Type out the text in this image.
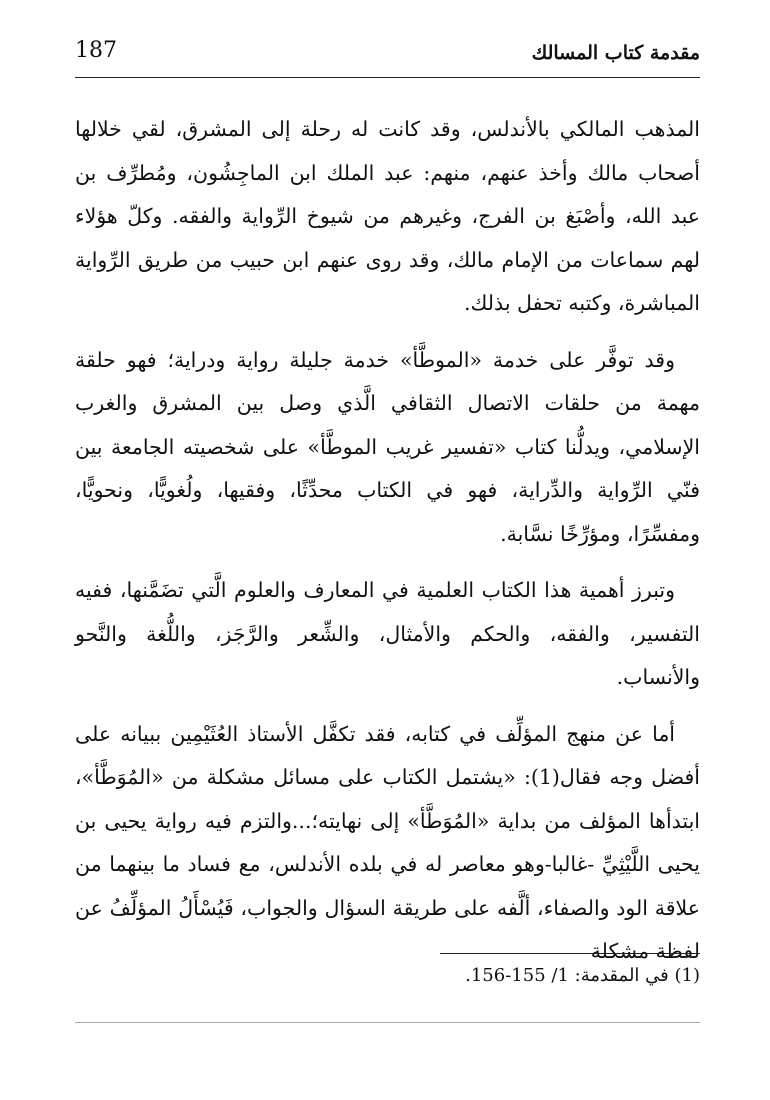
مقدمة كتاب المسالك
187

المذهب المالكي بالأندلس، وقد كانت له رحلة إلى المشرق، لقي خلالها أصحاب مالك وأخذ عنهم، منهم: عبد الملك ابن الماجِشُون، ومُطرِّف بن عبد الله، وأصْبَغ بن الفرج، وغيرهم من شيوخ الرِّواية والفقه. وكلّ هؤلاء لهم سماعات من الإمام مالك، وقد روى عنهم ابن حبيب من طريق الرِّواية المباشرة، وكتبه تحفل بذلك.

وقد توفَّر على خدمة «الموطَّأ» خدمة جليلة رواية ودراية؛ فهو حلقة مهمة من حلقات الاتصال الثقافي الَّذي وصل بين المشرق والغرب الإسلامي، ويدلُّنا كتاب «تفسير غريب الموطَّأ» على شخصيته الجامعة بين فنّي الرِّواية والدِّراية، فهو في الكتاب محدِّثًا، وفقيها، ولُغويًّا، ونحويًّا، ومفسِّرًا، ومؤرِّخًا نسَّابة.

وتبرز أهمية هذا الكتاب العلمية في المعارف والعلوم الَّتي تضَمَّنها، ففيه التفسير، والفقه، والحكم والأمثال، والشِّعر والرَّجَز، واللُّغة والنَّحو والأنساب.

أما عن منهج المؤلِّف في كتابه، فقد تكفَّل الأستاذ العُثَيْمِين ببيانه على أفضل وجه فقال(1): «يشتمل الكتاب على مسائل مشكلة من «المُوَطَّأ»، ابتدأها المؤلف من بداية «المُوَطَّأ» إلى نهايته؛...والتزم فيه رواية يحيى بن يحيى اللَّيْثِيِّ -غالبا-وهو معاصر له في بلده الأندلس، مع فساد ما بينهما من علاقة الود والصفاء، ألَّفه على طريقة السؤال والجواب، فَيُسْأَلُ المؤلِّفُ عن لفظة مشكلة

(1) في المقدمة: 1/ 155-156.
